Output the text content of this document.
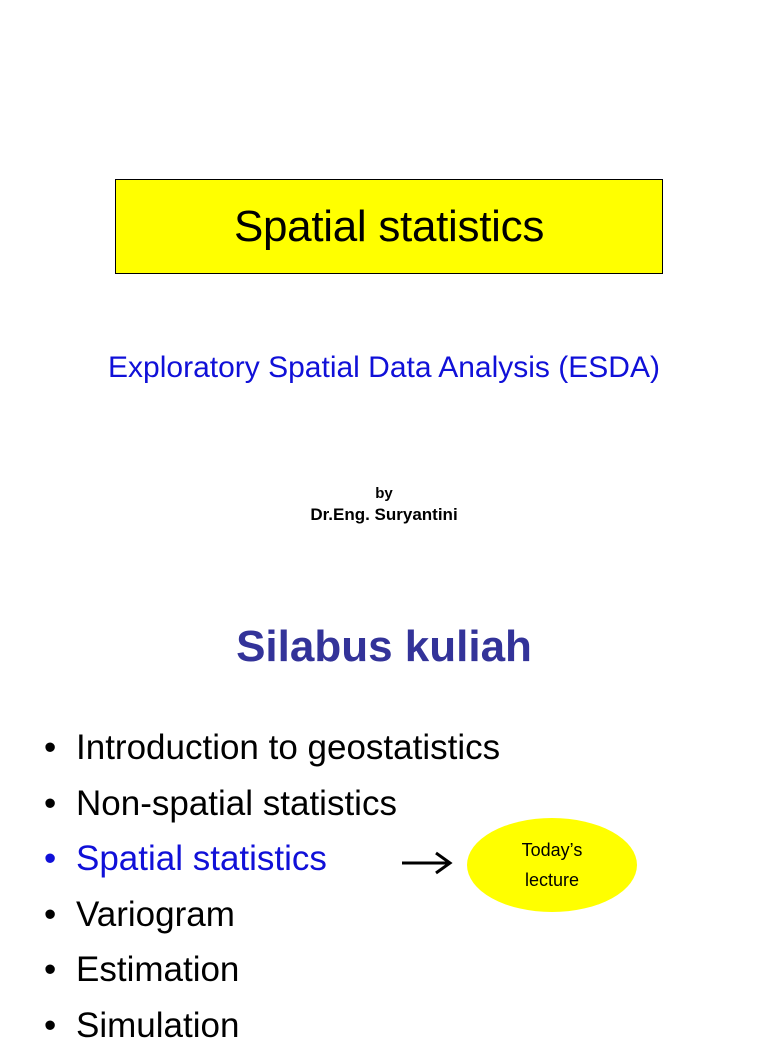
Spatial statistics
Exploratory Spatial Data Analysis (ESDA)
by
Dr.Eng. Suryantini
Silabus kuliah
• Introduction to geostatistics
• Non-spatial statistics
• Spatial statistics
• Variogram
• Estimation
• Simulation
Today’s
lecture
